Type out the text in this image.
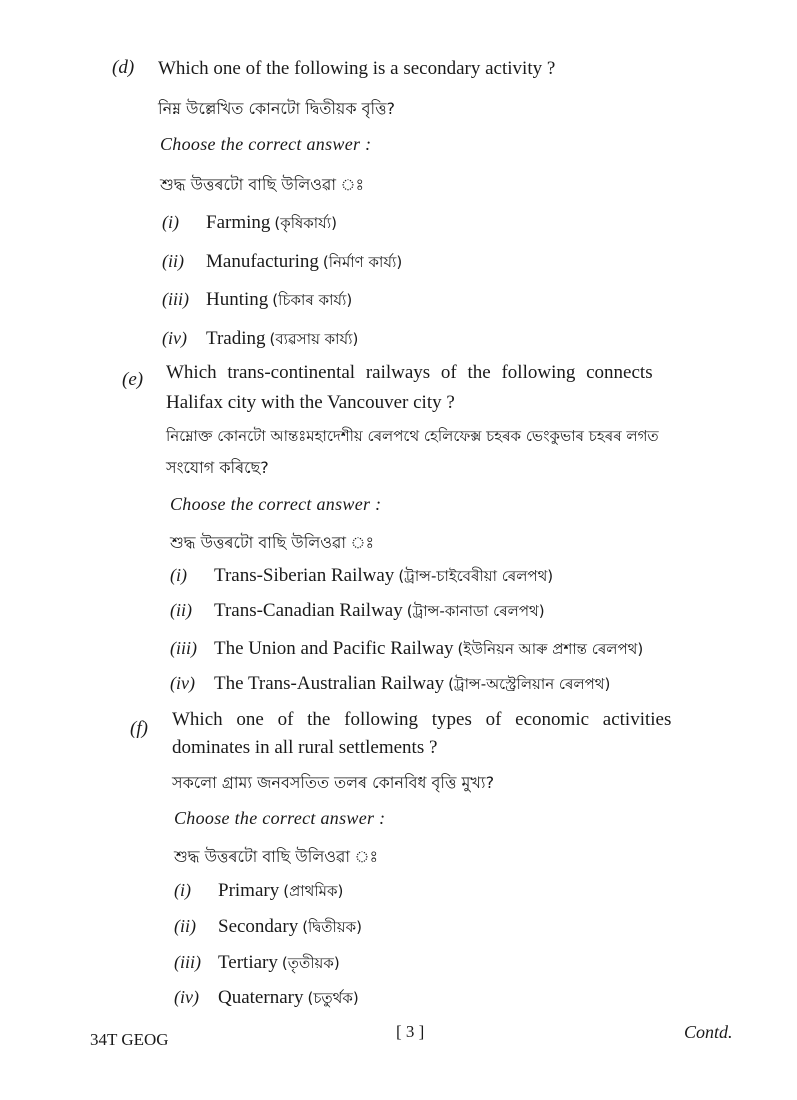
(d) Which one of the following is a secondary activity ?
নিম্ন উল্লেখিত কোনটো দ্বিতীয়ক বৃত্তি?
Choose the correct answer :
শুদ্ধ উত্তৰটো বাছি উলিওৱা ঃ
(i) Farming (কৃষিকাৰ্য্য)
(ii) Manufacturing (নিৰ্মাণ কাৰ্য্য)
(iii) Hunting (চিকাৰ কাৰ্য্য)
(iv) Trading (ব্যৱসায় কাৰ্য্য)
(e) Which trans-continental railways of the following connects
Halifax city with the Vancouver city ?
নিম্নোক্ত কোনটো আন্তঃমহাদেশীয় ৰেলপথে হেলিফেক্স চহৰক ভেংকুভাৰ চহৰৰ লগত
সংযোগ কৰিছে?
Choose the correct answer :
শুদ্ধ উত্তৰটো বাছি উলিওৱা ঃ
(i) Trans-Siberian Railway (ট্ৰান্স-চাইবেৰীয়া ৰেলপথ)
(ii) Trans-Canadian Railway (ট্ৰান্স-কানাডা ৰেলপথ)
(iii) The Union and Pacific Railway (ইউনিয়ন আৰু প্ৰশান্ত ৰেলপথ)
(iv) The Trans-Australian Railway (ট্ৰান্স-অস্ট্ৰেলিয়ান ৰেলপথ)
(f) Which one of the following types of economic activities
dominates in all rural settlements ?
সকলো গ্ৰাম্য জনবসতিত তলৰ কোনবিধ বৃত্তি মুখ্য?
Choose the correct answer :
শুদ্ধ উত্তৰটো বাছি উলিওৱা ঃ
(i) Primary (প্ৰাথমিক)
(ii) Secondary (দ্বিতীয়ক)
(iii) Tertiary (তৃতীয়ক)
(iv) Quaternary (চতুৰ্থক)
34T GEOG	[ 3 ]	Contd.
